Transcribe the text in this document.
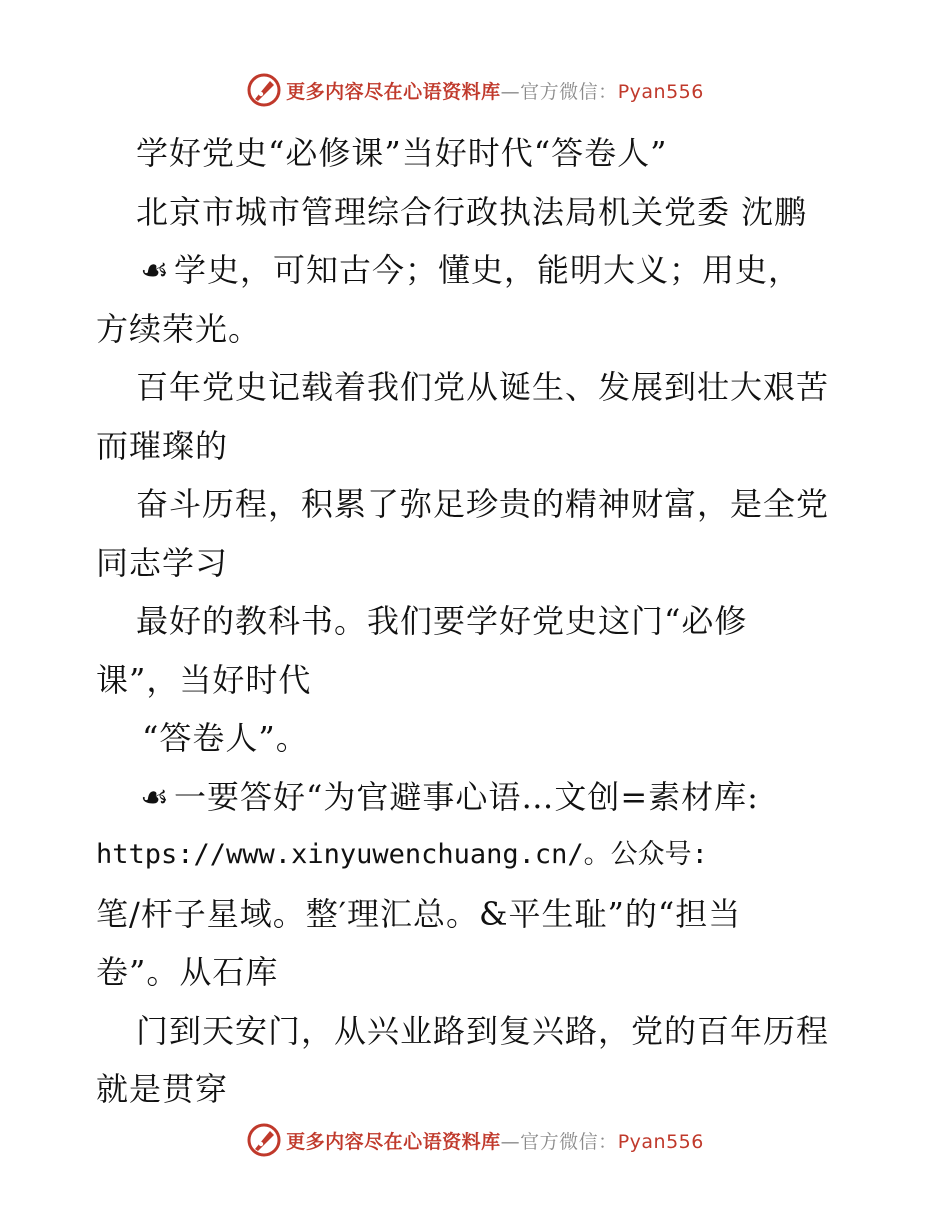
更多内容尽在心语资料库—官方微信：Pyan556
学好党史“必修课”当好时代“答卷人”
北京市城市管理综合行政执法局机关党委 沈鹏
☙ 学史，可知古今；懂史，能明大义；用史，
方续荣光。
百年党史记载着我们党从诞生、发展到壮大艰苦
而璀璨的
奋斗历程，积累了弥足珍贵的精神财富，是全党
同志学习
最好的教科书。我们要学好党史这门“必修
课”，当好时代
“答卷人”。
☙ 一要答好“为官避事心语…文创=素材库:
https://www.xinyuwenchuang.cn/。公众号:
笔/杆子星域。整′理汇总。&平生耻”的“担当
卷”。从石库
门到天安门，从兴业路到复兴路，党的百年历程
就是贯穿
更多内容尽在心语资料库—官方微信：Pyan556
